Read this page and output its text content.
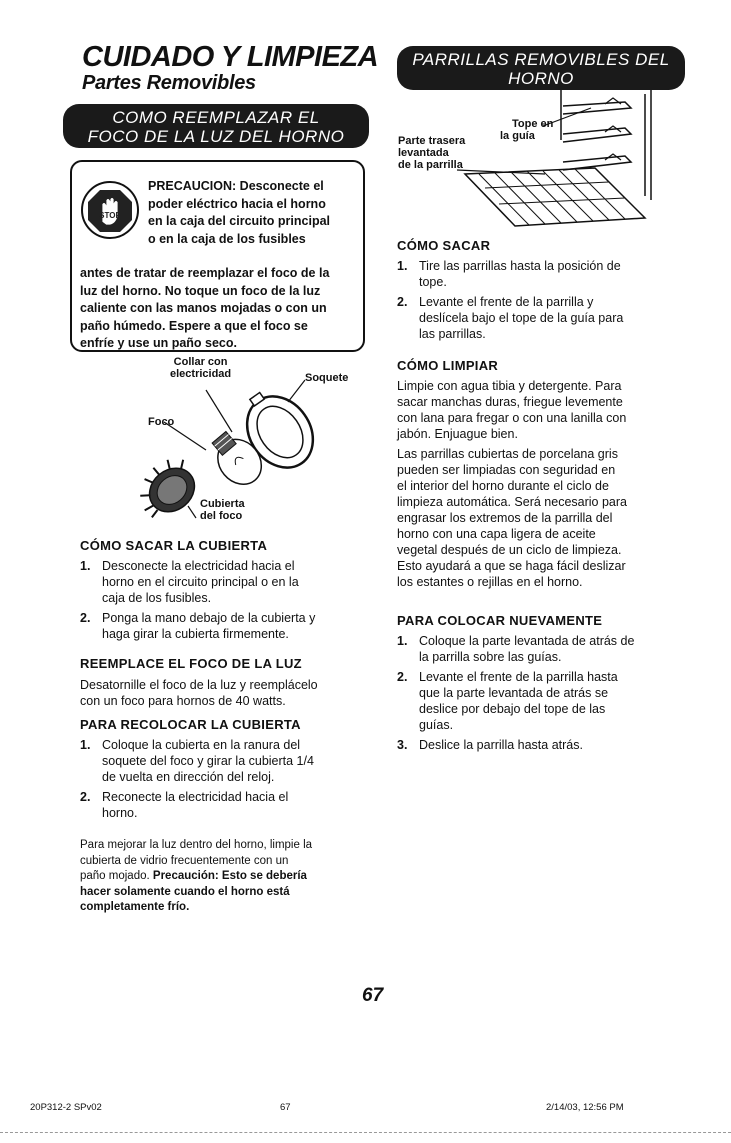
CUIDADO Y LIMPIEZA
Partes Removibles
COMO REEMPLAZAR EL
FOCO DE LA LUZ DEL HORNO
PARRILLAS REMOVIBLES DEL
HORNO
STOP
PRECAUCION: Desconecte el
poder eléctrico hacia el horno
en la caja del circuito principal
o en la caja de los fusibles
antes de tratar de reemplazar el foco de la
luz del horno. No toque un foco de la luz
caliente con las manos mojadas o con un
paño húmedo. Espere a que el foco se
enfríe y use un paño seco.
Collar con
electricidad	Soquete
Foco
Cubierta
del foco
CÓMO SACAR LA CUBIERTA
1. Desconecte la electricidad hacia el
horno en el circuito principal o en la
caja de los fusibles.
2. Ponga la mano debajo de la cubierta y
haga girar la cubierta firmemente.
REEMPLACE EL FOCO DE LA LUZ
Desatornille el foco de la luz y reemplácelo
con un foco para hornos de 40 watts.
PARA RECOLOCAR LA CUBIERTA
1. Coloque la cubierta en la ranura del
soquete del foco y girar la cubierta 1/4
de vuelta en dirección del reloj.
2. Reconecte la electricidad hacia el
horno.
Para mejorar la luz dentro del horno, limpie la
cubierta de vidrio frecuentemente con un
paño mojado. Precaución: Esto se debería
hacer solamente cuando el horno está
completamente frío.
Tope en
la guía
Parte trasera
levantada
de la parrilla
CÓMO SACAR
1. Tire las parrillas hasta la posición de
tope.
2. Levante el frente de la parrilla y
deslícela bajo el tope de la guía para
las parrillas.
CÓMO LIMPIAR
Limpie con agua tibia y detergente. Para
sacar manchas duras, friegue levemente
con lana para fregar o con una lanilla con
jabón. Enjuague bien.
Las parrillas cubiertas de porcelana gris
pueden ser limpiadas con seguridad en
el interior del horno durante el ciclo de
limpieza automática. Será necesario para
engrasar los extremos de la parrilla del
horno con una capa ligera de aceite
vegetal después de un ciclo de limpieza.
Esto ayudará a que se haga fácil deslizar
los estantes o rejillas en el horno.
PARA COLOCAR NUEVAMENTE
1. Coloque la parte levantada de atrás de
la parrilla sobre las guías.
2. Levante el frente de la parrilla hasta
que la parte levantada de atrás se
deslice por debajo del tope de las
guías.
3. Deslice la parrilla hasta atrás.
67
20P312-2 SPv02	67	2/14/03, 12:56 PM
